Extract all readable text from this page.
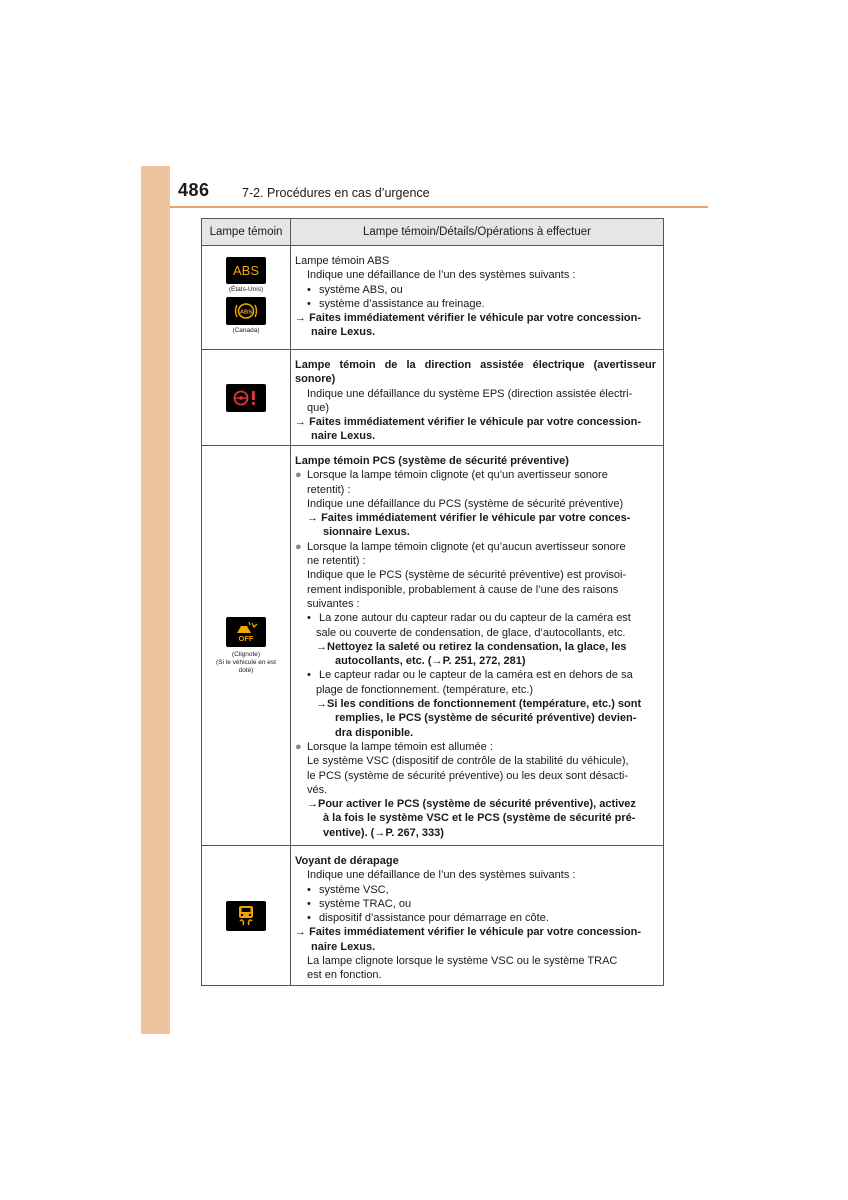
486	7-2. Procédures en cas d’urgence
Lampe témoin	Lampe témoin/Détails/Opérations à effectuer
ABS
(États-Unis)
ABS
(Canada)
Lampe témoin ABS
Indique une défaillance de l’un des systèmes suivants :
• système ABS, ou
• système d’assistance au freinage.
→ Faites immédiatement vérifier le véhicule par votre concession-
naire Lexus.
Lampe témoin de la direction assistée électrique (avertisseur
sonore)
Indique une défaillance du système EPS (direction assistée électri-
que)
→ Faites immédiatement vérifier le véhicule par votre concession-
naire Lexus.
OFF
(Clignote)
(Si le véhicule en est
doté)
Lampe témoin PCS (système de sécurité préventive)
● Lorsque la lampe témoin clignote (et qu’un avertisseur sonore
retentit) :
Indique une défaillance du PCS (système de sécurité préventive)
→ Faites immédiatement vérifier le véhicule par votre conces-
sionnaire Lexus.
● Lorsque la lampe témoin clignote (et qu’aucun avertisseur sonore
ne retentit) :
Indique que le PCS (système de sécurité préventive) est provisoi-
rement indisponible, probablement à cause de l’une des raisons
suivantes :
• La zone autour du capteur radar ou du capteur de la caméra est
sale ou couverte de condensation, de glace, d’autocollants, etc.
→Nettoyez la saleté ou retirez la condensation, la glace, les
autocollants, etc. (→P. 251, 272, 281)
• Le capteur radar ou le capteur de la caméra est en dehors de sa
plage de fonctionnement. (température, etc.)
→Si les conditions de fonctionnement (température, etc.) sont
remplies, le PCS (système de sécurité préventive) devien-
dra disponible.
● Lorsque la lampe témoin est allumée :
Le système VSC (dispositif de contrôle de la stabilité du véhicule),
le PCS (système de sécurité préventive) ou les deux sont désacti-
vés.
→Pour activer le PCS (système de sécurité préventive), activez
à la fois le système VSC et le PCS (système de sécurité pré-
ventive). (→P. 267, 333)
Voyant de dérapage
Indique une défaillance de l’un des systèmes suivants :
• système VSC,
• système TRAC, ou
• dispositif d’assistance pour démarrage en côte.
→ Faites immédiatement vérifier le véhicule par votre concession-
naire Lexus.
La lampe clignote lorsque le système VSC ou le système TRAC
est en fonction.
